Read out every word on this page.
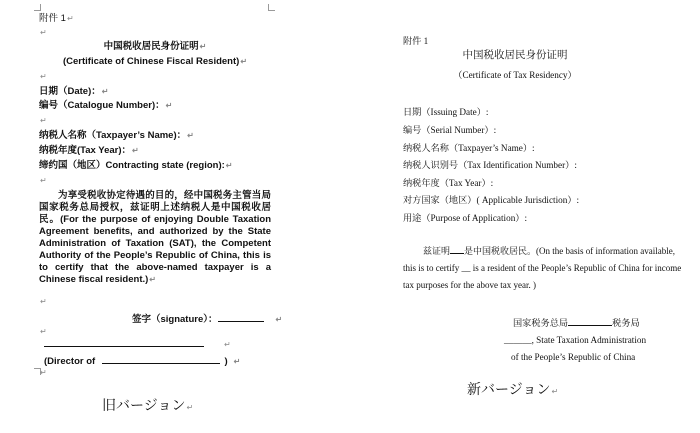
附件 1↵
↵
中国税收居民身份证明↵
(Certificate of Chinese Fiscal Resident)↵
↵
日期（Date)：↵
编号（Catalogue Number)：↵
↵
纳税人名称（Taxpayer’s Name)：↵
纳税年度(Tax Year)：↵
缔约国（地区）Contracting state (region):↵
↵
为享受税收协定待遇的目的，经中国税务主管当局国家税务总局授权，兹证明上述纳税人是中国税收居民。(For the purpose of enjoying Double Taxation Agreement benefits, and authorized by the State Administration of Taxation (SAT), the Competent Authority of the People’s Republic of China, this is to certify that the above-named taxpayer is a Chinese fiscal resident.)↵
↵
签字（signature）：	↵
↵
↵
(Director of	) ↵
↵
旧バージョン↵
附件 1
中国税收居民身份证明
（Certificate of Tax Residency）
日期（Issuing Date）:
编号（Serial Number）:
纳税人名称（Taxpayer’s Name）:
纳税人识别号（Tax Identification Number）:
纳税年度（Tax Year）:
对方国家（地区）( Applicable Jurisdiction）:
用途（Purpose of Application）:
兹证明 是中国税收居民。(On the basis of information available, this is to certify __ is a resident of the People’s Republic of China for income tax purposes for the above tax year. )
国家税务总局	税务局
______, State Taxation Administration
of the People’s Republic of China
新バージョン↵
